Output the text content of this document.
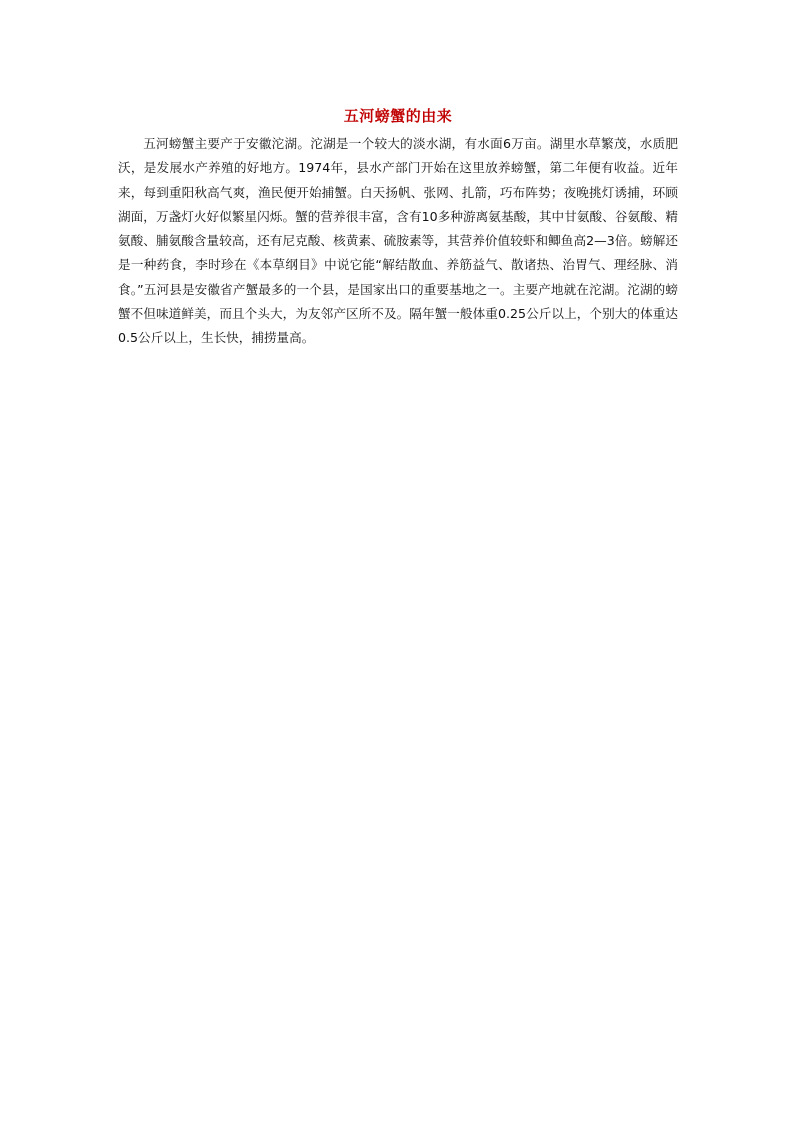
五河螃蟹的由来

五河螃蟹主要产于安徽沱湖。沱湖是一个较大的淡水湖，有水面6万亩。湖里水草繁茂，水质肥沃，是发展水产养殖的好地方。1974年，县水产部门开始在这里放养螃蟹，第二年便有收益。近年来，每到重阳秋高气爽，渔民便开始捕蟹。白天扬帆、张网、扎箭，巧布阵势；夜晚挑灯诱捕，环顾湖面，万盏灯火好似繁星闪烁。蟹的营养很丰富，含有10多种游离氨基酸，其中甘氨酸、谷氨酸、精氨酸、脯氨酸含量较高，还有尼克酸、核黄素、硫胺素等，其营养价值较虾和鲫鱼高2—3倍。螃解还是一种药食，李时珍在《本草纲目》中说它能“解结散血、养筋益气、散诸热、治胃气、理经脉、消食。”五河县是安徽省产蟹最多的一个县，是国家出口的重要基地之一。主要产地就在沱湖。沱湖的螃蟹不但味道鲜美，而且个头大，为友邻产区所不及。隔年蟹一般体重0.25公斤以上，个别大的体重达0.5公斤以上，生长快，捕捞量高。
